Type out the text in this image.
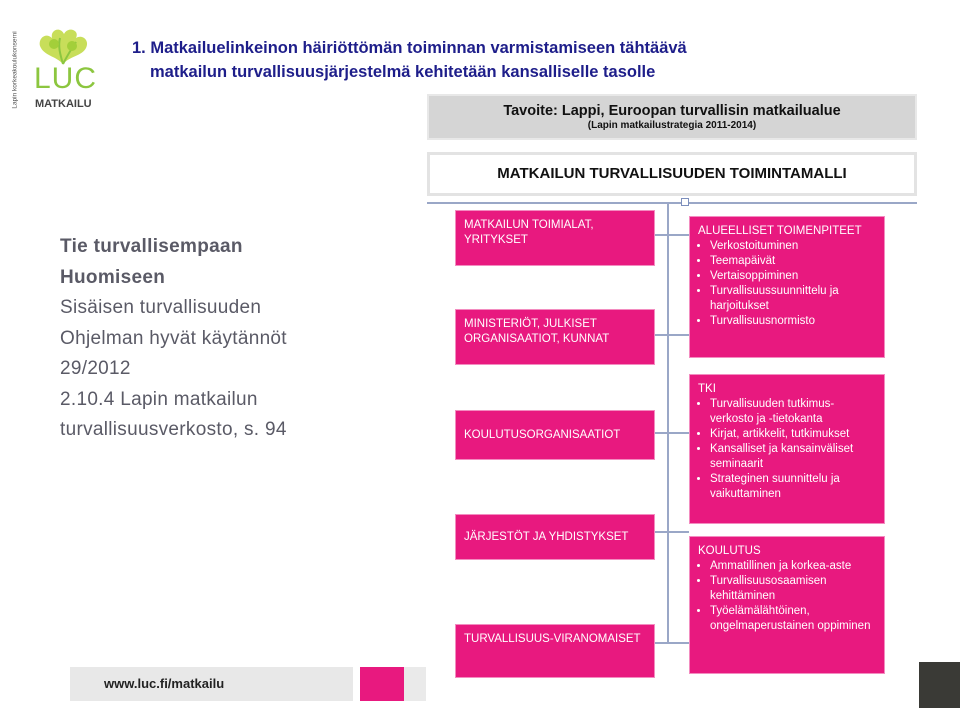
Lapin korkeakoulukonserni LUC
MATKAILU
1. Matkailuelinkeinon häiriöttömän toiminnan varmistamiseen tähtäävä
matkailun turvallisuusjärjestelmä kehitetään kansalliselle tasolle
Tie turvallisempaan
Huomiseen
Sisäisen turvallisuuden
Ohjelman hyvät käytännöt
29/2012
2.10.4 Lapin matkailun
turvallisuusverkosto, s. 94
Tavoite: Lappi, Euroopan turvallisin matkailualue
(Lapin matkailustrategia 2011-2014)
MATKAILUN TURVALLISUUDEN TOIMINTAMALLI
MATKAILUN TOIMIALAT, YRITYKSET
MINISTERIÖT, JULKISET ORGANISAATIOT, KUNNAT
KOULUTUSORGANISAATIOT
JÄRJESTÖT JA YHDISTYKSET
TURVALLISUUS-VIRANOMAISET
ALUEELLISET TOIMENPITEET
• Verkostoituminen
• Teemapäivät
• Vertaisoppiminen
• Turvallisuussuunnittelu ja harjoitukset
• Turvallisuusnormisto
TKI
• Turvallisuuden tutkimus-verkosto ja -tietokanta
• Kirjat, artikkelit, tutkimukset
• Kansalliset ja kansainväliset seminaarit
• Strateginen suunnittelu ja vaikuttaminen
KOULUTUS
• Ammatillinen ja korkea-aste
• Turvallisuusosaamisen kehittäminen
• Työelämälähtöinen, ongelmaperustainen oppiminen
www.luc.fi/matkailu
